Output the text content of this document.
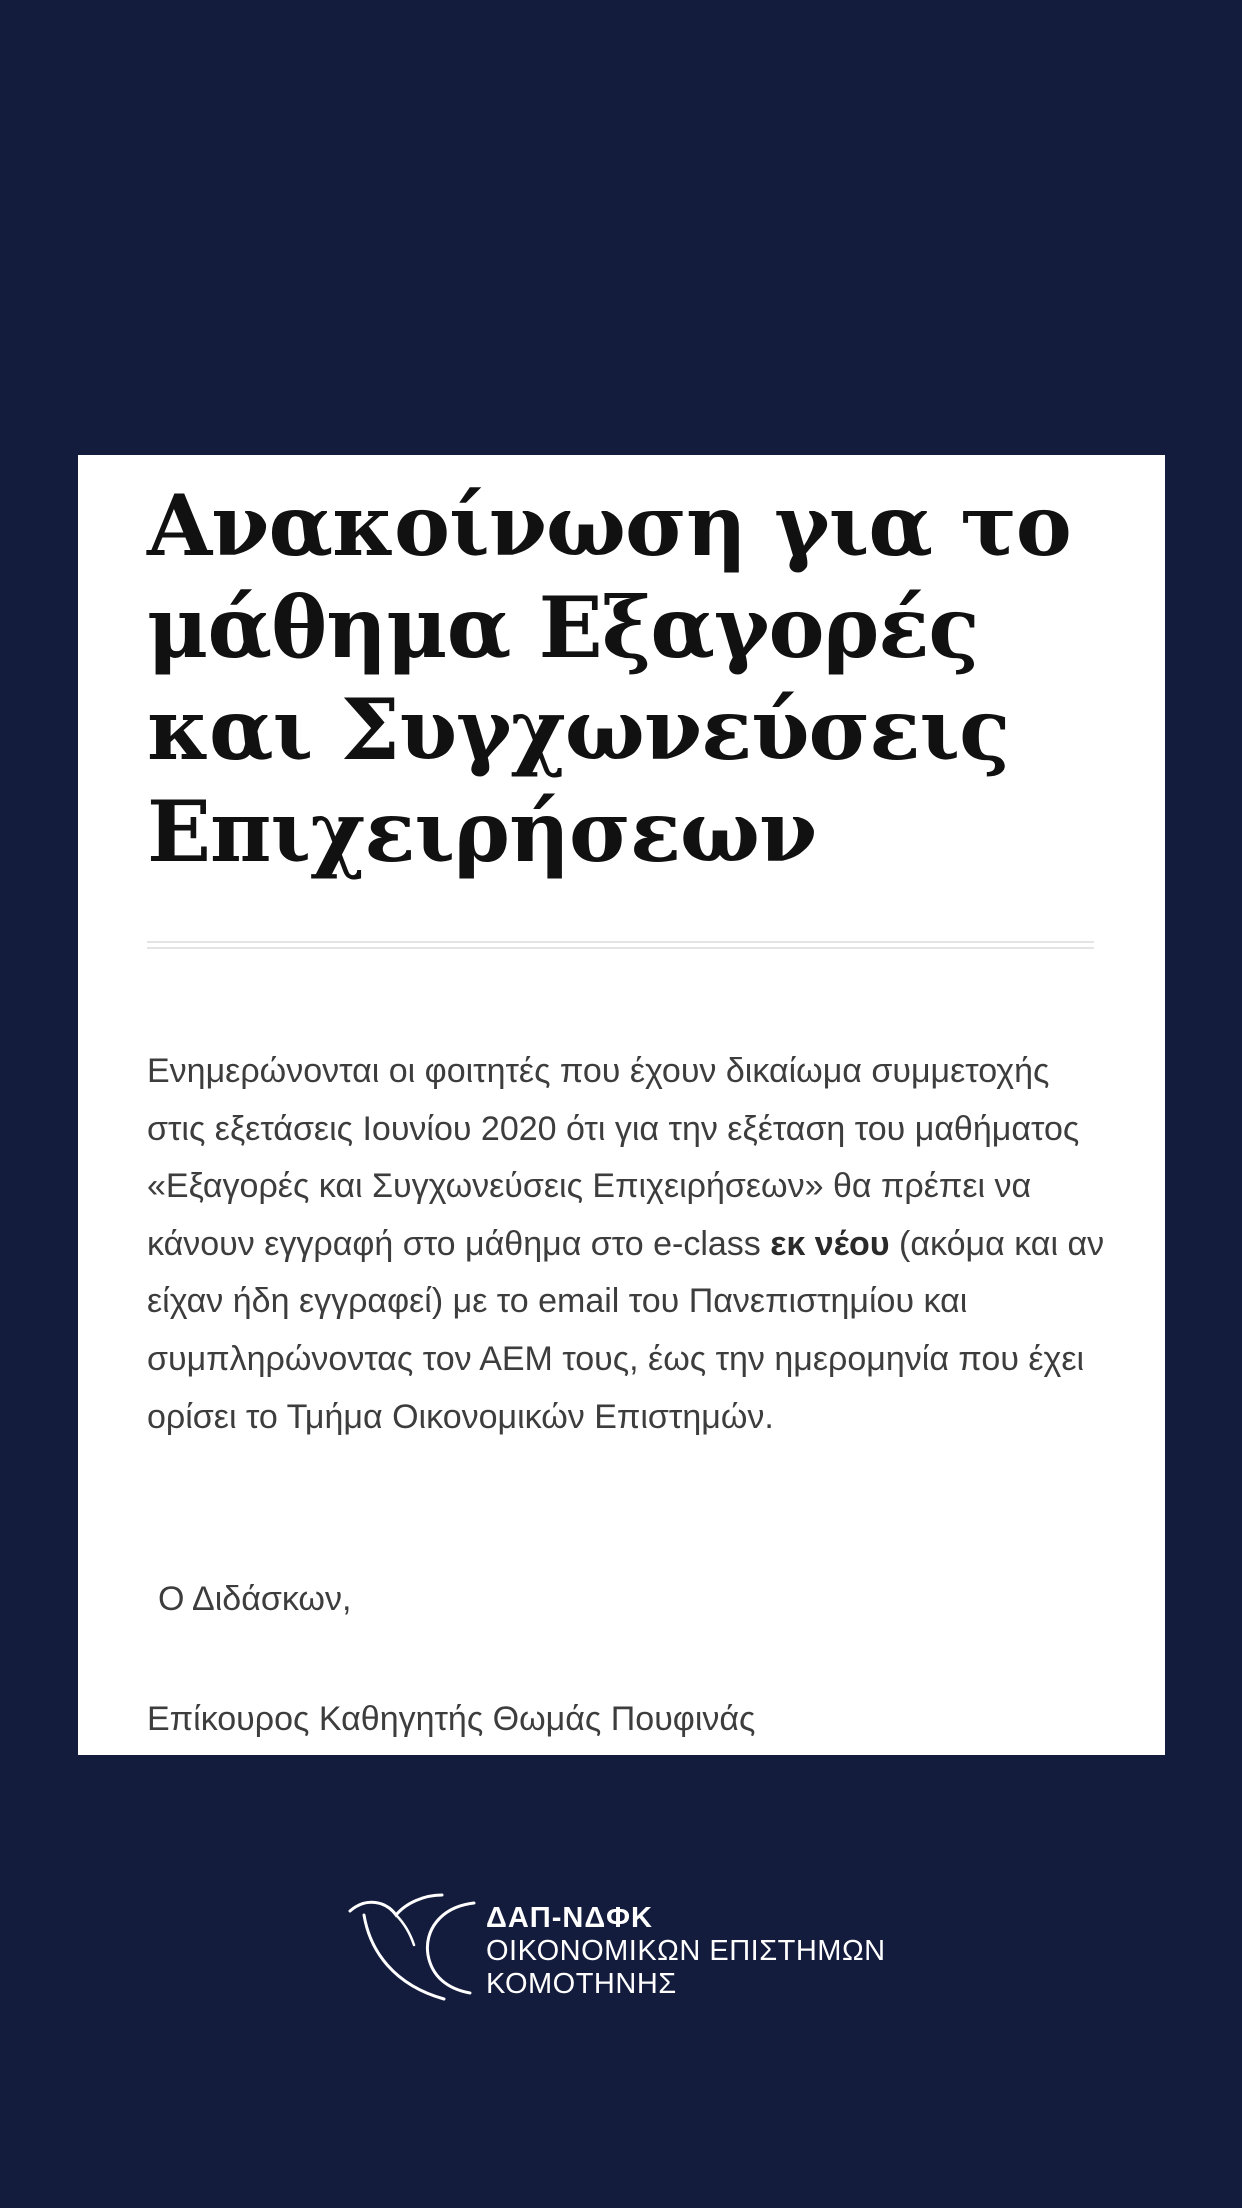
Ανακοίνωση για το μάθημα Εξαγορές και Συγχωνεύσεις Επιχειρήσεων

Ενημερώνονται οι φοιτητές που έχουν δικαίωμα συμμετοχής στις εξετάσεις Ιουνίου 2020 ότι για την εξέταση του μαθήματος «Εξαγορές και Συγχωνεύσεις Επιχειρήσεων» θα πρέπει να κάνουν εγγραφή στο μάθημα στο e-class εκ νέου (ακόμα και αν είχαν ήδη εγγραφεί) με το email του Πανεπιστημίου και συμπληρώνοντας τον ΑΕΜ τους, έως την ημερομηνία που έχει ορίσει το Τμήμα Οικονομικών Επιστημών.

Ο Διδάσκων,

Επίκουρος Καθηγητής Θωμάς Πουφινάς

ΔΑΠ-ΝΔΦΚ
ΟΙΚΟΝΟΜΙΚΩΝ ΕΠΙΣΤΗΜΩΝ
ΚΟΜΟΤΗΝΗΣ
